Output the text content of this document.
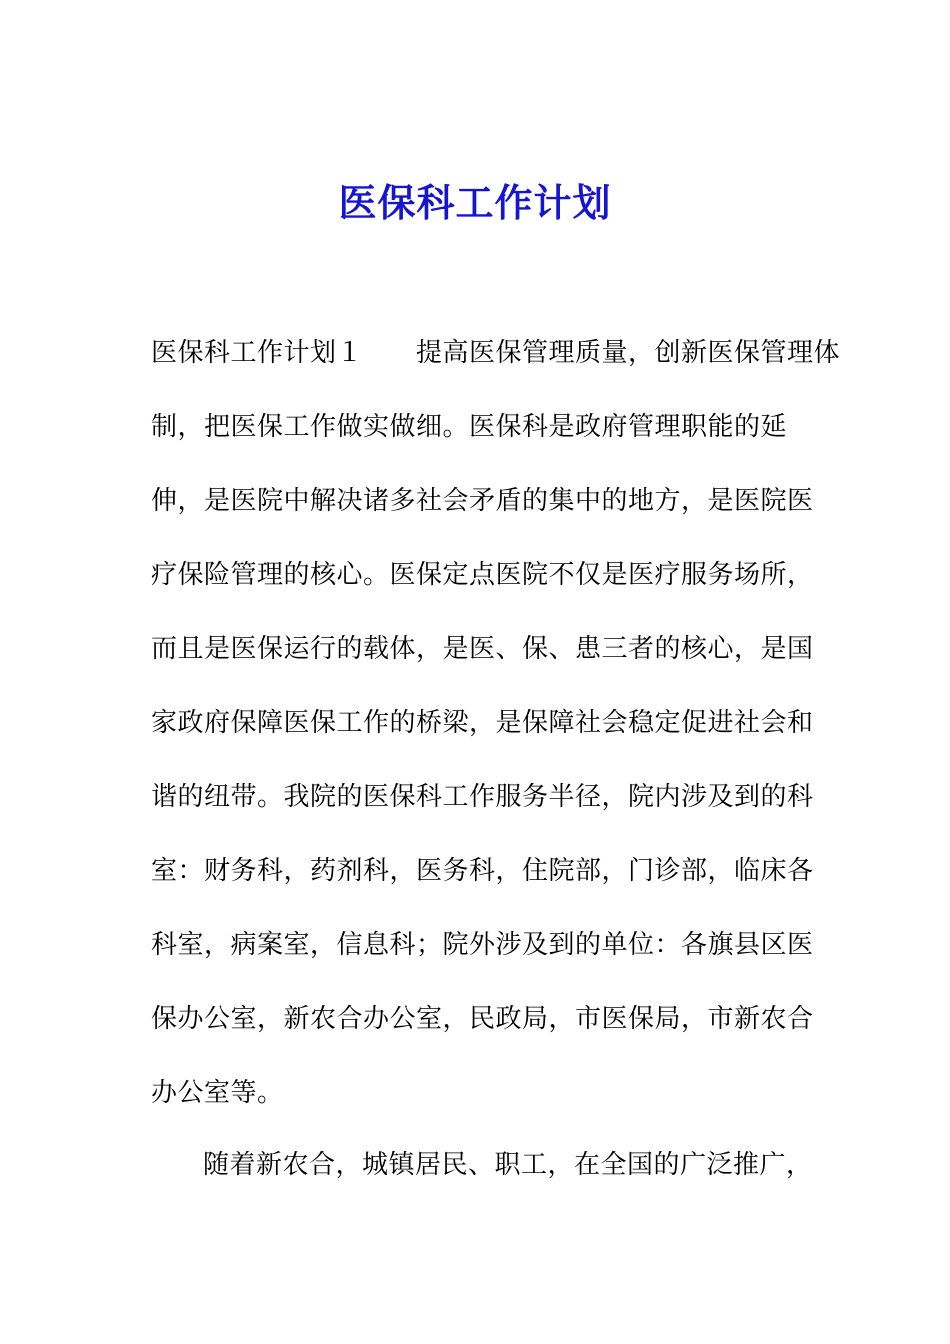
医保科工作计划
医保科工作计划１　　提高医保管理质量，创新医保管理体
制，把医保工作做实做细。医保科是政府管理职能的延
伸，是医院中解决诸多社会矛盾的集中的地方，是医院医
疗保险管理的核心。医保定点医院不仅是医疗服务场所，
而且是医保运行的载体，是医、保、患三者的核心，是国
家政府保障医保工作的桥梁，是保障社会稳定促进社会和
谐的纽带。我院的医保科工作服务半径，院内涉及到的科
室：财务科，药剂科，医务科，住院部，门诊部，临床各
科室，病案室，信息科；院外涉及到的单位：各旗县区医
保办公室，新农合办公室，民政局，市医保局，市新农合
办公室等。
随着新农合，城镇居民、职工，在全国的广泛推广，
